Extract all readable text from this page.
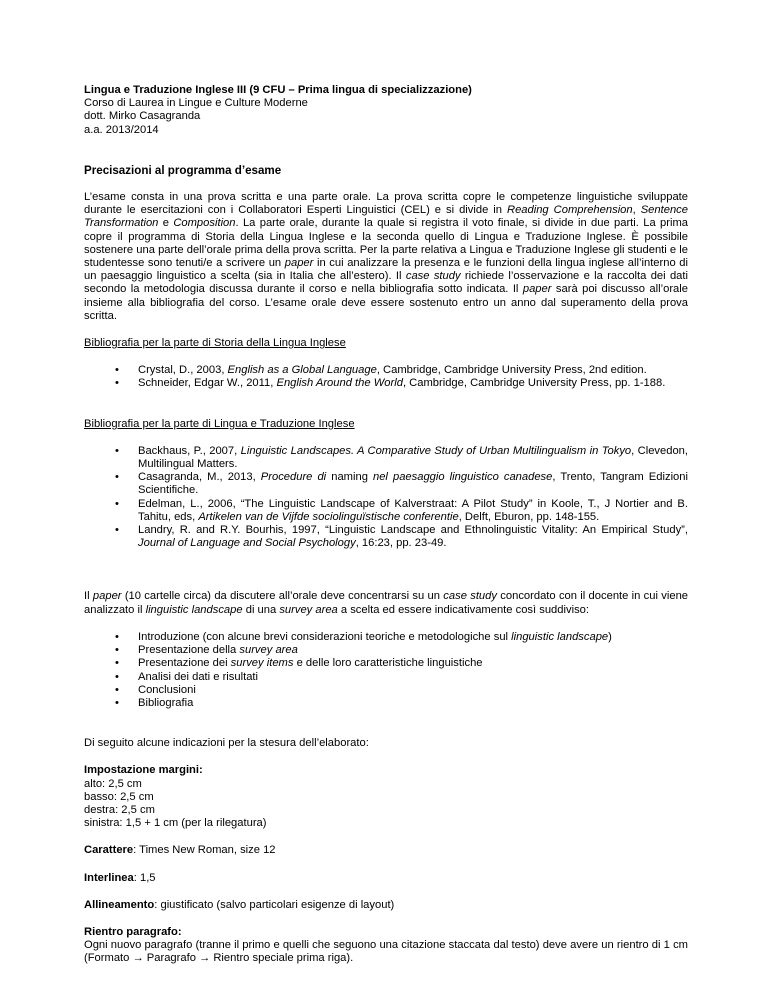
Lingua e Traduzione Inglese III (9 CFU – Prima lingua di specializzazione)
Corso di Laurea in Lingue e Culture Moderne
dott. Mirko Casagranda
a.a. 2013/2014
Precisazioni al programma d’esame

L’esame consta in una prova scritta e una parte orale. La prova scritta copre le competenze linguistiche sviluppate durante le esercitazioni con i Collaboratori Esperti Linguistici (CEL) e si divide in Reading Comprehension, Sentence Transformation e Composition. La parte orale, durante la quale si registra il voto finale, si divide in due parti. La prima copre il programma di Storia della Lingua Inglese e la seconda quello di Lingua e Traduzione Inglese. È possibile sostenere una parte dell’orale prima della prova scritta. Per la parte relativa a Lingua e Traduzione Inglese gli studenti e le studentesse sono tenuti/e a scrivere un paper in cui analizzare la presenza e le funzioni della lingua inglese all’interno di un paesaggio linguistico a scelta (sia in Italia che all’estero). Il case study richiede l’osservazione e la raccolta dei dati secondo la metodologia discussa durante il corso e nella bibliografia sotto indicata. Il paper sarà poi discusso all’orale insieme alla bibliografia del corso. L’esame orale deve essere sostenuto entro un anno dal superamento della prova scritta.

Bibliografia per la parte di Storia della Lingua Inglese

• Crystal, D., 2003, English as a Global Language, Cambridge, Cambridge University Press, 2nd edition.
• Schneider, Edgar W., 2011, English Around the World, Cambridge, Cambridge University Press, pp. 1-188.

Bibliografia per la parte di Lingua e Traduzione Inglese

• Backhaus, P., 2007, Linguistic Landscapes. A Comparative Study of Urban Multilingualism in Tokyo, Clevedon, Multilingual Matters.
• Casagranda, M., 2013, Procedure di naming nel paesaggio linguistico canadese, Trento, Tangram Edizioni Scientifiche.
• Edelman, L., 2006, “The Linguistic Landscape of Kalverstraat: A Pilot Study” in Koole, T., J Nortier and B. Tahitu, eds, Artikelen van de Vijfde sociolinguïstische conferentie, Delft, Eburon, pp. 148-155.
• Landry, R. and R.Y. Bourhis, 1997, “Linguistic Landscape and Ethnolinguistic Vitality: An Empirical Study”, Journal of Language and Social Psychology, 16:23, pp. 23-49.

Il paper (10 cartelle circa) da discutere all’orale deve concentrarsi su un case study concordato con il docente in cui viene analizzato il linguistic landscape di una survey area a scelta ed essere indicativamente così suddiviso:

• Introduzione (con alcune brevi considerazioni teoriche e metodologiche sul linguistic landscape)
• Presentazione della survey area
• Presentazione dei survey items e delle loro caratteristiche linguistiche
• Analisi dei dati e risultati
• Conclusioni
• Bibliografia

Di seguito alcune indicazioni per la stesura dell’elaborato:

Impostazione margini:
alto: 2,5 cm
basso: 2,5 cm
destra: 2,5 cm
sinistra: 1,5 + 1 cm (per la rilegatura)

Carattere: Times New Roman, size 12

Interlinea: 1,5

Allineamento: giustificato (salvo particolari esigenze di layout)

Rientro paragrafo:

Ogni nuovo paragrafo (tranne il primo e quelli che seguono una citazione staccata dal testo) deve avere un rientro di 1 cm (Formato → Paragrafo → Rientro speciale prima riga).
